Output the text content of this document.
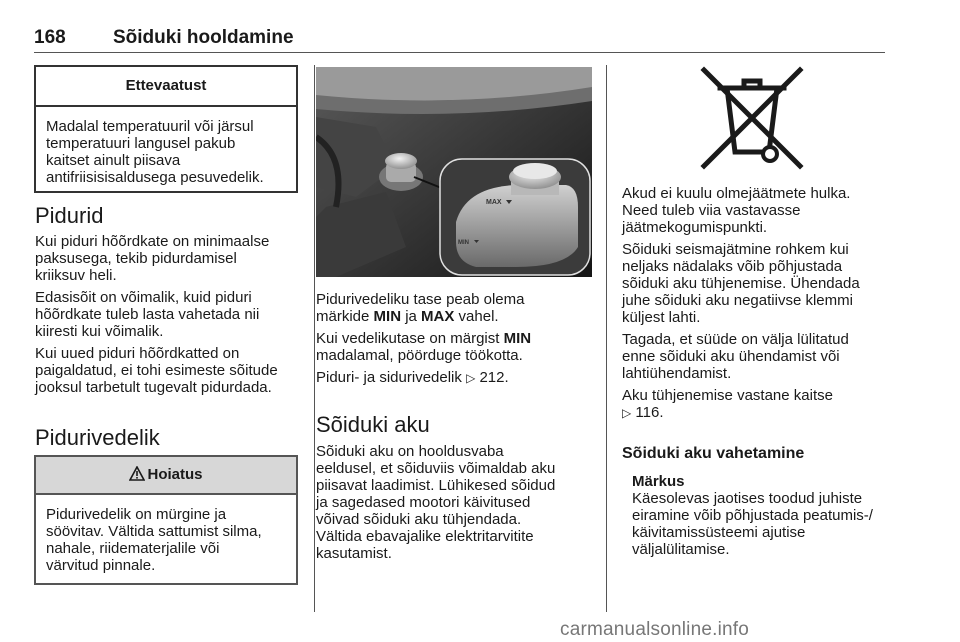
168 Sõiduki hooldamine
Ettevaatust

Madalal temperatuuril või järsul

temperatuuri langusel pakub

kaitset ainult piisava

antifriisisisaldusega pesuvedelik.

Pidurid

Kui piduri hõõrdkate on minimaalse

paksusega, tekib pidurdamisel

kriiksuv heli.

Edasisõit on võimalik, kuid piduri

hõõrdkate tuleb lasta vahetada nii

kiiresti kui võimalik.

Kui uued piduri hõõrdkatted on

paigaldatud, ei tohi esimeste sõitude

jooksul tarbetult tugevalt pidurdada.

Pidurivedelik
Hoiatus

Pidurivedelik on mürgine ja

söövitav. Vältida sattumist silma,

nahale, riidematerjalile või

värvitud pinnale.

MAX
MIN

Pidurivedeliku tase peab olema

märkide MIN ja MAX vahel.

Kui vedelikutase on märgist MIN

madalamal, pöörduge töökotta.

Piduri- ja sidurivedelik ▷ 212.

Sõiduki aku

Sõiduki aku on hooldusvaba

eeldusel, et sõiduviis võimaldab aku

piisavat laadimist. Lühikesed sõidud

ja sagedased mootori käivitused

võivad sõiduki aku tühjendada.

Vältida ebavajalike elektritarvitite

kasutamist.

Akud ei kuulu olmejäätmete hulka.

Need tuleb viia vastavasse

jäätmekogumispunkti.

Sõiduki seismajätmine rohkem kui

neljaks nädalaks võib põhjustada

sõiduki aku tühjenemise. Ühendada

juhe sõiduki aku negatiivse klemmi

küljest lahti.

Tagada, et süüde on välja lülitatud

enne sõiduki aku ühendamist või

lahtiühendamist.

Aku tühjenemise vastane kaitse

▷ 116.

Sõiduki aku vahetamine

Märkus

Käesolevas jaotises toodud juhiste

eiramine võib põhjustada peatumis-/

käivitamissüsteemi ajutise

väljalülitamise.

carmanualsonline.info
